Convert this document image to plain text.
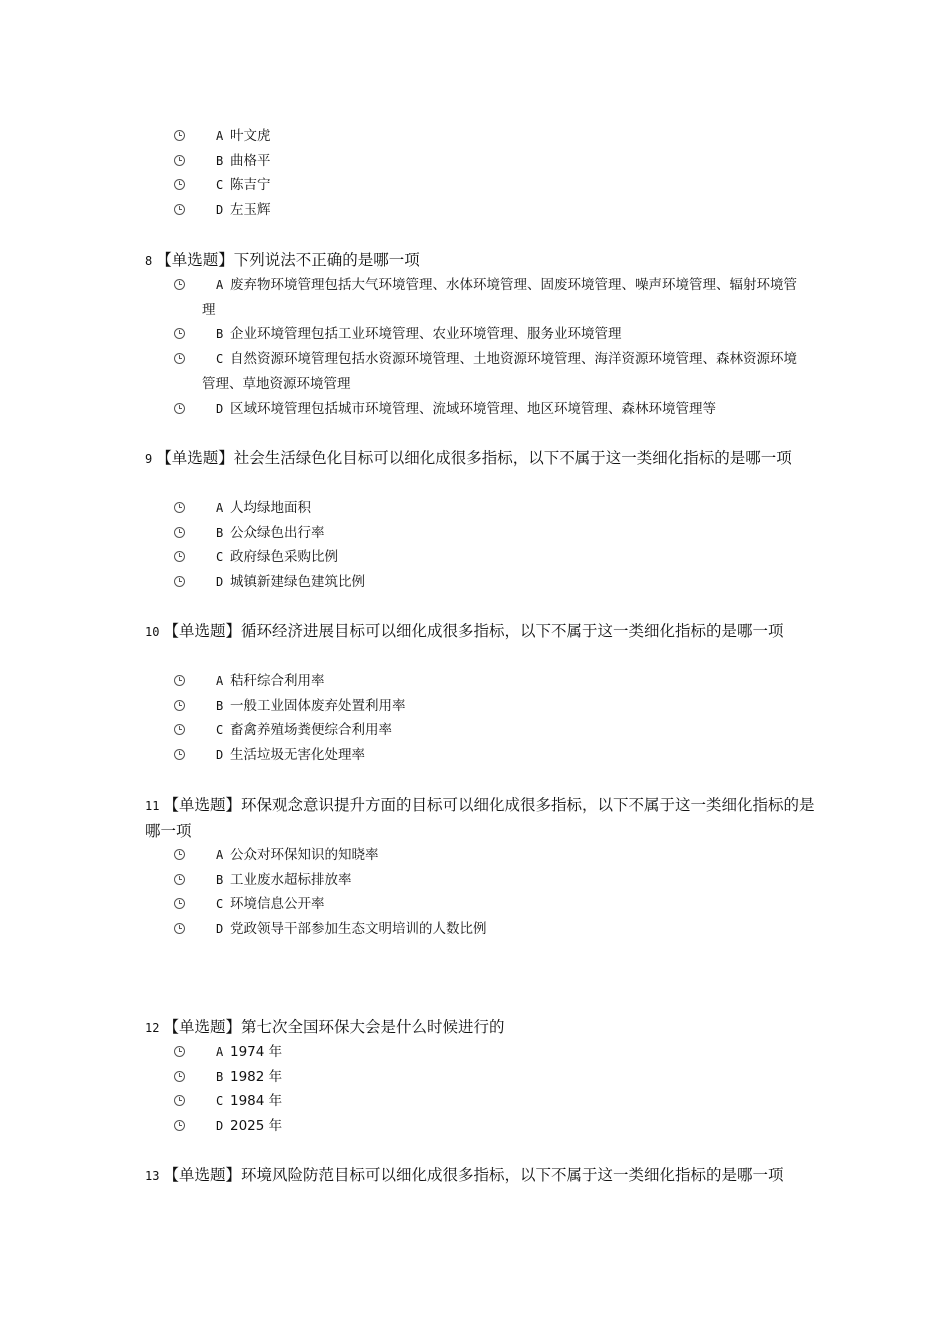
A 叶文虎
B 曲格平
C 陈吉宁
D 左玉辉
8 【单选题】下列说法不正确的是哪一项
A 废弃物环境管理包括大气环境管理、水体环境管理、固废环境管理、噪声环境管理、辐射环境管理
B 企业环境管理包括工业环境管理、农业环境管理、服务业环境管理
C 自然资源环境管理包括水资源环境管理、土地资源环境管理、海洋资源环境管理、森林资源环境管理、草地资源环境管理
D 区域环境管理包括城市环境管理、流域环境管理、地区环境管理、森林环境管理等
9 【单选题】社会生活绿色化目标可以细化成很多指标，以下不属于这一类细化指标的是哪一项
A 人均绿地面积
B 公众绿色出行率
C 政府绿色采购比例
D 城镇新建绿色建筑比例
10 【单选题】循环经济进展目标可以细化成很多指标，以下不属于这一类细化指标的是哪一项
A 秸秆综合利用率
B 一般工业固体废弃处置利用率
C 畜禽养殖场粪便综合利用率
D 生活垃圾无害化处理率
11 【单选题】环保观念意识提升方面的目标可以细化成很多指标，以下不属于这一类细化指标的是哪一项
A 公众对环保知识的知晓率
B 工业废水超标排放率
C 环境信息公开率
D 党政领导干部参加生态文明培训的人数比例
12 【单选题】第七次全国环保大会是什么时候进行的
A 1974 年
B 1982 年
C 1984 年
D 2025 年
13 【单选题】环境风险防范目标可以细化成很多指标，以下不属于这一类细化指标的是哪一项
